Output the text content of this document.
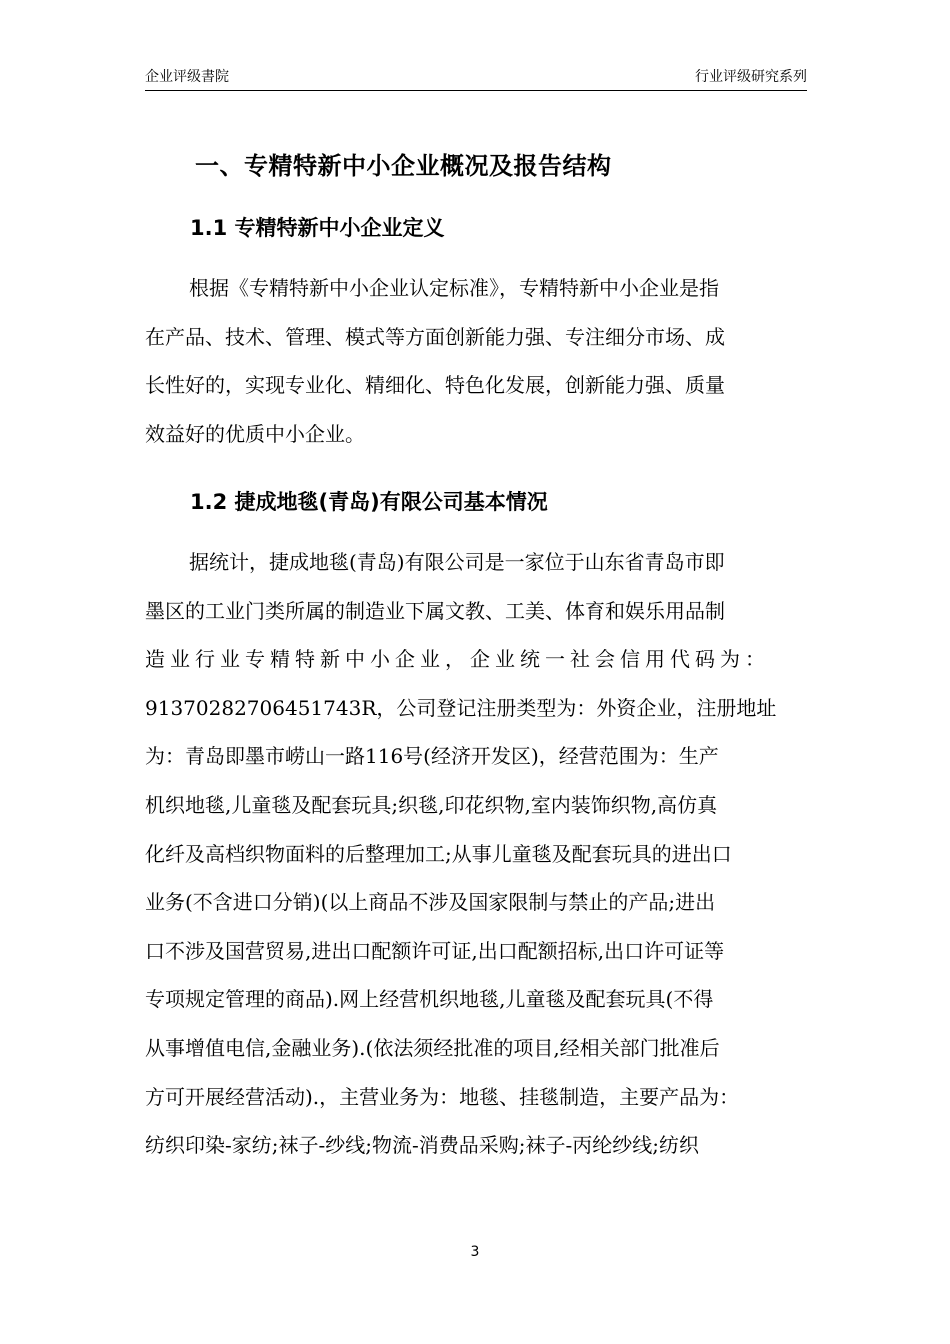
企业评级書院	行业评级研究系列
一、专精特新中小企业概况及报告结构
1.1 专精特新中小企业定义
根据《专精特新中小企业认定标准》，专精特新中小企业是指
在产品、技术、管理、模式等方面创新能力强、专注细分市场、成
长性好的，实现专业化、精细化、特色化发展，创新能力强、质量
效益好的优质中小企业。
1.2 捷成地毯(青岛)有限公司基本情况
据统计，捷成地毯(青岛)有限公司是一家位于山东省青岛市即
墨区的工业门类所属的制造业下属文教、工美、体育和娱乐用品制
造业行业专精特新中小企业，企业统一社会信用代码为：
91370282706451743R，公司登记注册类型为：外资企业，注册地址
为：青岛即墨市崂山一路116号(经济开发区)，经营范围为：生产
机织地毯,儿童毯及配套玩具;织毯,印花织物,室内装饰织物,高仿真
化纤及高档织物面料的后整理加工;从事儿童毯及配套玩具的进出口
业务(不含进口分销)(以上商品不涉及国家限制与禁止的产品;进出
口不涉及国营贸易,进出口配额许可证,出口配额招标,出口许可证等
专项规定管理的商品).网上经营机织地毯,儿童毯及配套玩具(不得
从事增值电信,金融业务).(依法须经批准的项目,经相关部门批准后
方可开展经营活动).，主营业务为：地毯、挂毯制造，主要产品为：
纺织印染-家纺;袜子-纱线;物流-消费品采购;袜子-丙纶纱线;纺织
3
